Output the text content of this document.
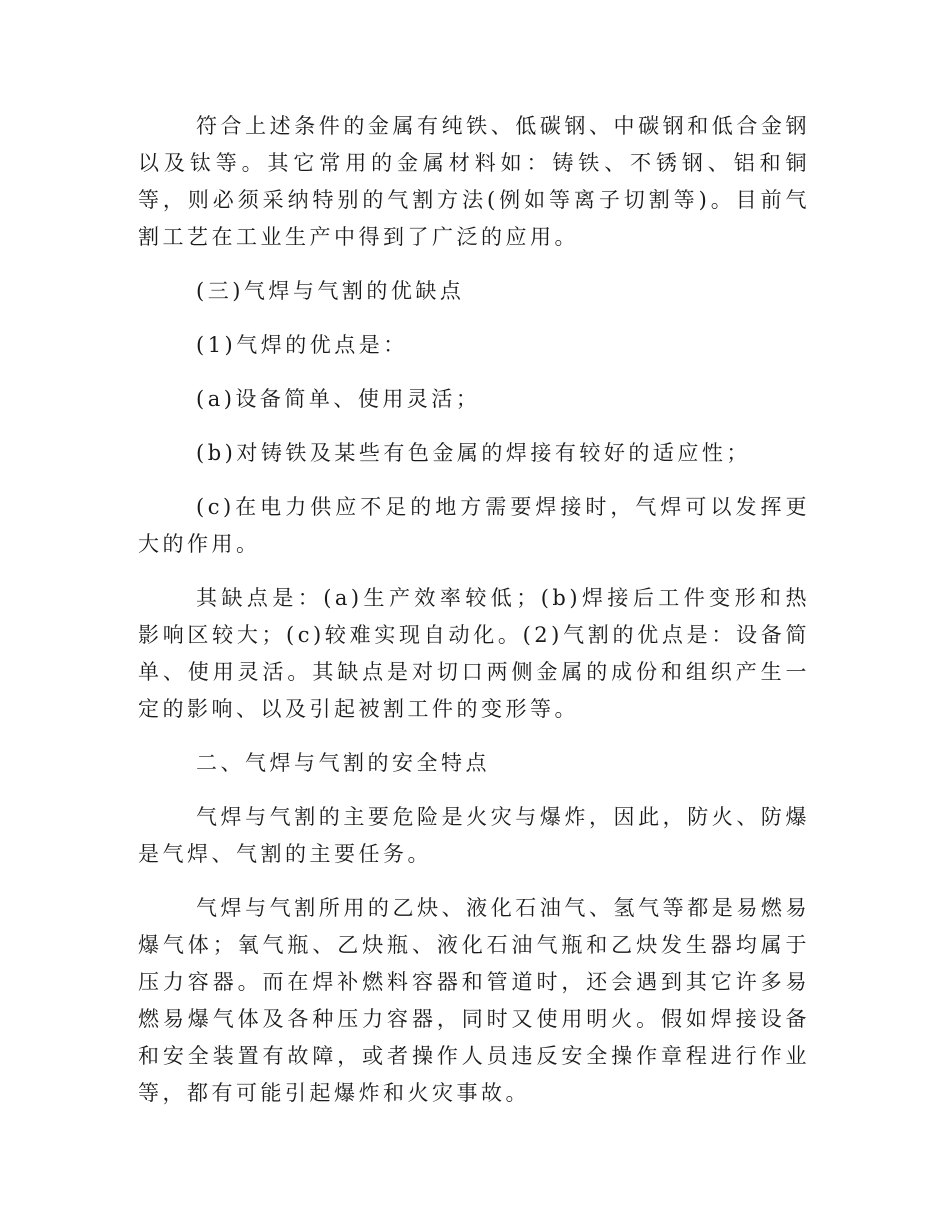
符合上述条件的金属有纯铁、低碳钢、中碳钢和低合金钢以及钛等。其它常用的金属材料如：铸铁、不锈钢、铝和铜等，则必须采纳特别的气割方法(例如等离子切割等)。目前气割工艺在工业生产中得到了广泛的应用。

(三)气焊与气割的优缺点

(1)气焊的优点是：

(a)设备简单、使用灵活；

(b)对铸铁及某些有色金属的焊接有较好的适应性；

(c)在电力供应不足的地方需要焊接时，气焊可以发挥更大的作用。

其缺点是：(a)生产效率较低；(b)焊接后工件变形和热影响区较大；(c)较难实现自动化。(2)气割的优点是：设备简单、使用灵活。其缺点是对切口两侧金属的成份和组织产生一定的影响、以及引起被割工件的变形等。

二、气焊与气割的安全特点

气焊与气割的主要危险是火灾与爆炸，因此，防火、防爆是气焊、气割的主要任务。

气焊与气割所用的乙炔、液化石油气、氢气等都是易燃易爆气体；氧气瓶、乙炔瓶、液化石油气瓶和乙炔发生器均属于压力容器。而在焊补燃料容器和管道时，还会遇到其它许多易燃易爆气体及各种压力容器，同时又使用明火。假如焊接设备和安全装置有故障，或者操作人员违反安全操作章程进行作业等，都有可能引起爆炸和火灾事故。
